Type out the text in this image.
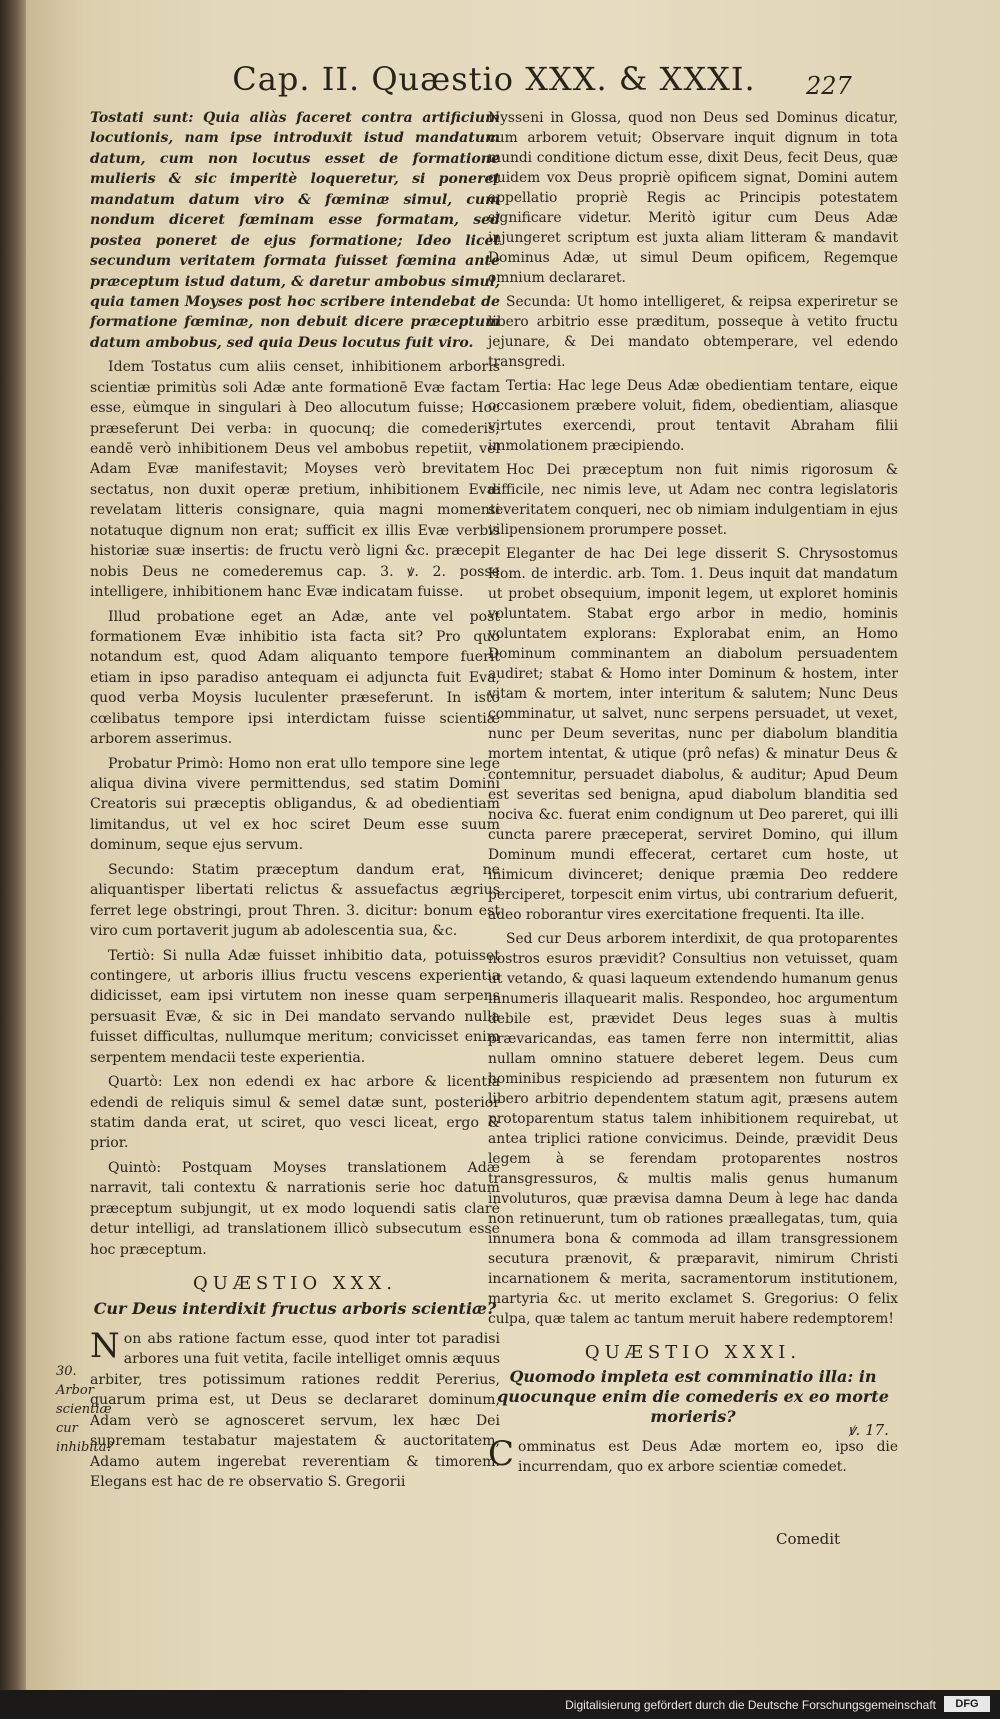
Cap. II. Quæstio XXX. & XXXI.	227

Tostati sunt: Quia aliàs faceret contra artificium locutionis, nam ipse introduxit istud mandatum datum, cum non locutus esset de formatione mulieris & sic imperitè loqueretur, si poneret mandatum datum viro & fœminæ simul, cum nondum diceret fœminam esse formatam, sed postea poneret de ejus formatione; Ideo licet secundum veritatem formata fuisset fœmina ante præceptum istud datum, & daretur ambobus simul, quia tamen Moyses post hoc scribere intendebat de formatione fœminæ, non debuit dicere præceptum datum ambobus, sed quia Deus locutus fuit viro.

Idem Tostatus cum aliis censet, inhibitionem arboris scientiæ primitùs soli Adæ ante formationē Evæ factam esse, eùmque in singulari à Deo allocutum fuisse; Hoc præseferunt Dei verba: in quocunq; die comederis; eandē verò inhibitionem Deus vel ambobus repetiit, vel Adam Evæ manifestavit; Moyses verò brevitatem sectatus, non duxit operæ pretium, inhibitionem Evæ revelatam litteris consignare, quia magni momenti notatuque dignum non erat; sufficit ex illis Evæ verbis historiæ suæ insertis: de fructu verò ligni &c. præcepit nobis Deus ne comederemus cap. 3. ꝟ. 2. posse intelligere, inhibitionem hanc Evæ indicatam fuisse.

Illud probatione eget an Adæ, ante vel post formationem Evæ inhibitio ista facta sit? Pro quo notandum est, quod Adam aliquanto tempore fuerit etiam in ipso paradiso antequam ei adjuncta fuit Eva, quod verba Moysis luculenter præseferunt. In isto cœlibatus tempore ipsi interdictam fuisse scientiæ arborem asserimus.

Probatur Primò: Homo non erat ullo tempore sine lege aliqua divina vivere permittendus, sed statim Domini Creatoris sui præceptis obligandus, & ad obedientiam limitandus, ut vel ex hoc sciret Deum esse suum dominum, seque ejus servum.

Secundo: Statim præceptum dandum erat, ne aliquantisper libertati relictus & assuefactus ægrius ferret lege obstringi, prout Thren. 3. dicitur: bonum est viro cum portaverit jugum ab adolescentia sua, &c.

Tertiò: Si nulla Adæ fuisset inhibitio data, potuisset contingere, ut arboris illius fructu vescens experientia didicisset, eam ipsi virtutem non inesse quam serpens persuasit Evæ, & sic in Dei mandato servando nulla fuisset difficultas, nullumque meritum; convicisset enim serpentem mendacii teste experientia.

Quartò: Lex non edendi ex hac arbore & licentia edendi de reliquis simul & semel datæ sunt, posterior statim danda erat, ut sciret, quo vesci liceat, ergo & prior.

Quintò: Postquam Moyses translationem Adæ narravit, tali contextu & narrationis serie hoc datum præceptum subjungit, ut ex modo loquendi satis clarè detur intelligi, ad translationem illicò subsecutum esse hoc præceptum.

QUÆSTIO XXX.

Cur Deus interdixit fructus arboris scientiæ?

Non abs ratione factum esse, quod inter tot paradisi arbores una fuit vetita, facile intelliget omnis æquus arbiter, tres potissimum rationes reddit Pererius, quarum prima est, ut Deus se declararet dominum, Adam verò se agnosceret servum, lex hæc Dei supremam testabatur majestatem & auctoritatem, Adamo autem ingerebat reverentiam & timorem. Elegans est hac de re observatio S. Gregorii

Nysseni in Glossa, quod non Deus sed Dominus dicatur, cum arborem vetuit; Observare inquit dignum in tota mundi conditione dictum esse, dixit Deus, fecit Deus, quæ quidem vox Deus propriè opificem signat, Domini autem appellatio propriè Regis ac Principis potestatem significare videtur. Meritò igitur cum Deus Adæ injungeret scriptum est juxta aliam litteram & mandavit Dominus Adæ, ut simul Deum opificem, Regemque omnium declararet.

Secunda: Ut homo intelligeret, & reipsa experiretur se libero arbitrio esse præditum, posseque à vetito fructu jejunare, & Dei mandato obtemperare, vel edendo transgredi.

Tertia: Hac lege Deus Adæ obedientiam tentare, eique occasionem præbere voluit, fidem, obedientiam, aliasque virtutes exercendi, prout tentavit Abraham filii immolationem præcipiendo.

Hoc Dei præceptum non fuit nimis rigorosum & difficile, nec nimis leve, ut Adam nec contra legislatoris severitatem conqueri, nec ob nimiam indulgentiam in ejus vilipensionem prorumpere posset.

Eleganter de hac Dei lege disserit S. Chrysostomus Hom. de interdic. arb. Tom. 1. Deus inquit dat mandatum ut probet obsequium, imponit legem, ut exploret hominis voluntatem. Stabat ergo arbor in medio, hominis voluntatem explorans: Explorabat enim, an Homo Dominum comminantem an diabolum persuadentem audiret; stabat & Homo inter Dominum & hostem, inter vitam & mortem, inter interitum & salutem; Nunc Deus comminatur, ut salvet, nunc serpens persuadet, ut vexet, nunc per Deum severitas, nunc per diabolum blanditia mortem intentat, & utique (prô nefas) & minatur Deus & contemnitur, persuadet diabolus, & auditur; Apud Deum est severitas sed benigna, apud diabolum blanditia sed nociva &c. fuerat enim condignum ut Deo pareret, qui illi cuncta parere præceperat, serviret Domino, qui illum Dominum mundi effecerat, certaret cum hoste, ut inimicum divinceret; denique præmia Deo reddere perciperet, torpescit enim virtus, ubi contrarium defuerit, adeo roborantur vires exercitatione frequenti. Ita ille.

Sed cur Deus arborem interdixit, de qua protoparentes nostros esuros prævidit? Consultius non vetuisset, quam ut vetando, & quasi laqueum extendendo humanum genus innumeris illaquearit malis. Respondeo, hoc argumentum debile est, prævidet Deus leges suas à multis prævaricandas, eas tamen ferre non intermittit, alias nullam omnino statuere deberet legem. Deus cum hominibus respiciendo ad præsentem non futurum ex libero arbitrio dependentem statum agit, præsens autem protoparentum status talem inhibitionem requirebat, ut antea triplici ratione convicimus. Deinde, prævidit Deus legem à se ferendam protoparentes nostros transgressuros, & multis malis genus humanum involuturos, quæ prævisa damna Deum à lege hac danda non retinuerunt, tum ob rationes præallegatas, tum, quia innumera bona & commoda ad illam transgressionem secutura prænovit, & præparavit, nimirum Christi incarnationem & merita, sacramentorum institutionem, martyria &c. ut merito exclamet S. Gregorius: O felix culpa, quæ talem ac tantum meruit habere redemptorem!

QUÆSTIO XXXI.

Quomodo impleta est comminatio illa: in quocunque enim die comederis ex eo morte morieris?

Comminatus est Deus Adæ mortem eo, ipso die incurrendam, quo ex arbore scientiæ comedet.

30.
Arbor scientiæ cur inhibita?
ꝟ. 17.
Comedit
Digitalisierung gefördert durch die Deutsche Forschungsgemeinschaft	DFG
